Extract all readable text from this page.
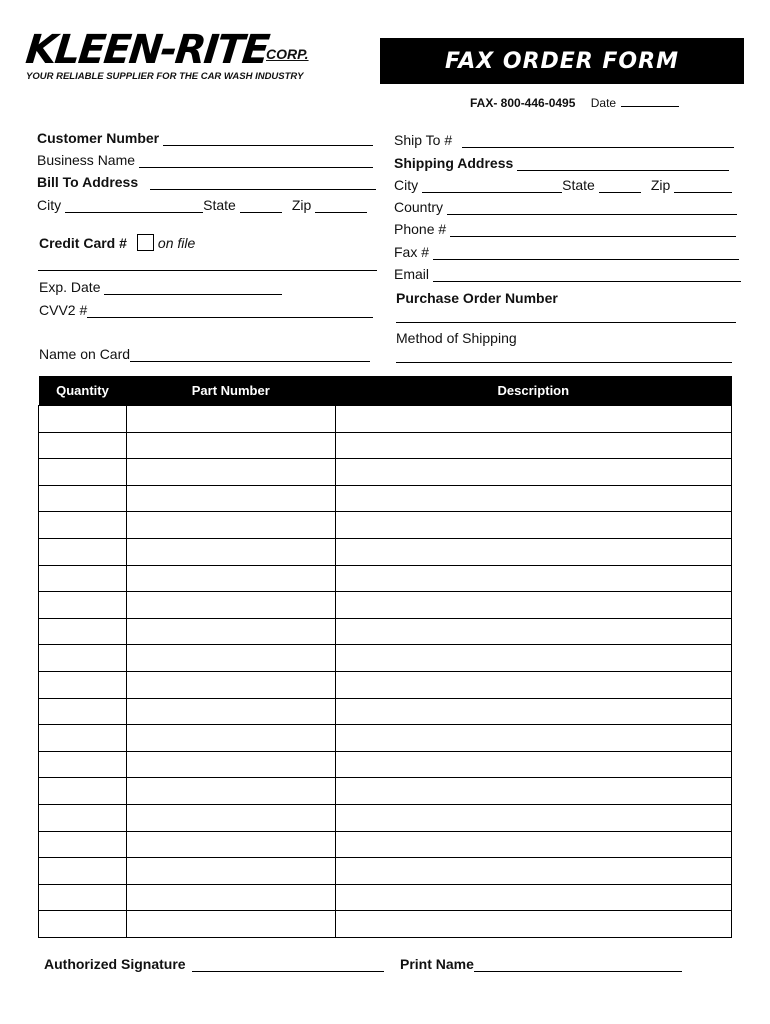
KLEEN-RITE
CORP.
YOUR RELIABLE SUPPLIER FOR THE CAR WASH INDUSTRY
FAX ORDER FORM
FAX- 800-446-0495 Date
Customer Number
Business Name
Bill To Address
City	State	Zip
Credit Card # on file
Exp. Date
CVV2 #
Name on Card
Ship To #
Shipping Address
City	State	Zip
Country
Phone #
Fax #
Email
Purchase Order Number
Method of Shipping
Quantity	Part Number	Description

Authorized Signature	Print Name
